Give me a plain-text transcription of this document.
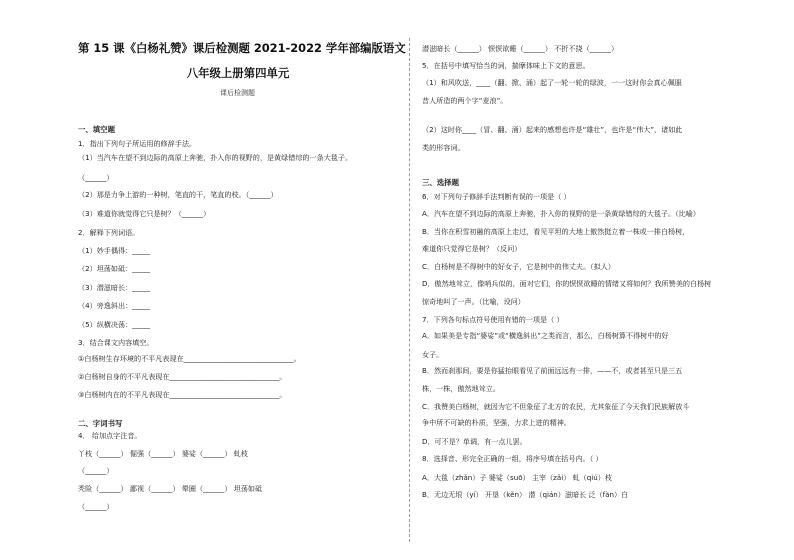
第 15 课《白杨礼赞》课后检测题 2021-2022 学年部编版语文
八年级上册第四单元
课后检测题
一、填空题
1．指出下列句子所运用的修辞手法。
（1）当汽车在望不到边际的高原上奔驰，扑入你的视野的，是黄绿错综的一条大毯子。
（______）
（2）那是力争上游的一种树，笔直的干，笔直的枝。（______）
（3）难道你就觉得它只是树？（______）
2．解释下列词语。
（1）妙手偶得：_____
（2）坦荡如砥：_____
（3）潜滋暗长：_____
（4）旁逸斜出：_____
（5）纵横决荡：_____
3．结合课文内容填空。
①白杨树生存环境的不平凡表现在_______________________________。
②白杨树自身的不平凡表现在_______________________________。
③白杨树内在的不平凡表现在_______________________________。
二、字词书写
4． 给加点字注音。
丫枝（______） 倔强（______） 婆娑（______） 虬枝
（______）
秃险（______） 鄙视（______） 晕圈（______） 坦荡如砥
（______）
潜滋暗长（______） 恹恹欲睡（______） 不折不挠（______）
5．在括号中填写恰当的词，揣摩体味上下文的意思。
（1）和风吹送，____（翻、掀、涌）起了一轮一轮的绿波，一一这时你会真心佩服
昔人所造的两个字“麦浪”。
（2）这时你____（冒、翻、涌）起来的感想也许是“雄壮”，也许是“伟大”，诸如此
类的形容词。
三、选择题
6．对下列句子修辞手法判断有误的一项是（ ）
A．汽车在望不到边际的高原上奔驰，扑入你的视野的是一条黄绿错综的大毯子。（比喻）
B．当你在积雪初融的高原上走过，看见平坦的大地上傲然挺立着一株或一排白杨树，
难道你只觉得它是树？（反问）
C．白杨树是不得树中的好女子，它是树中的伟丈夫。（拟人）
D．傲然地耸立，像哨兵似的，面对它们，你的恹恹欲睡的情绪又将如何？我所赞美的白杨树
惊奇地叫了一声。（比喻，设问）
7．下列各句标点符号使用有错的一项是（ ）
A．如果美是专指“婆娑”或“横逸斜出”之类而言，那么，白杨树算不得树中的好
女子。
B．然而刹那间，要是你猛抬眼看见了前面远远有一排，——不，或者甚至只是三五
株，一株，傲然地耸立。
C．我赞美白杨树，就因为它不但象征了北方的农民，尤其象征了今天我们民族解放斗
争中所不可缺的朴质，坚强，力求上进的精神。
D．可不是？单调，有一点儿罢。
8．选择音、形完全正确的一组，将序号填在括号内。（ ）
A．大毯（zhǎn）子 婆娑（suō） 主宰（zǎi） 虬（qiú）枝
B．无边无垠（yí） 开垦（kěn） 潜（qián）滋暗长 泛（fàn）白
